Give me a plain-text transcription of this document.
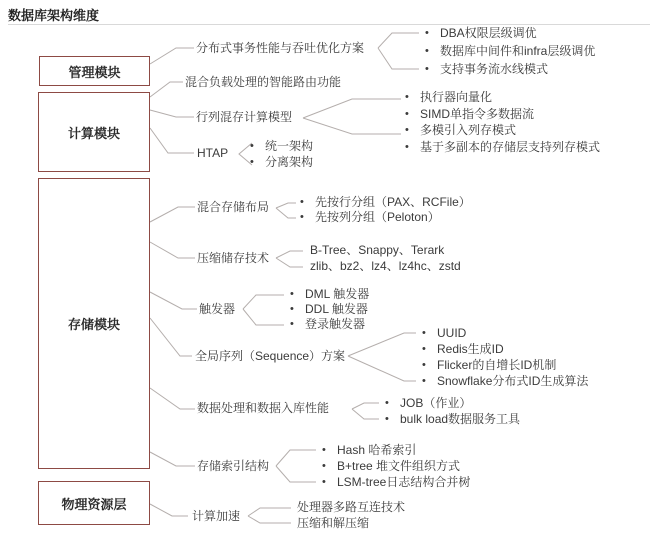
数据库架构维度
管理模块
计算模块
存储模块
物理资源层
分布式事务性能与吞吐优化方案
混合负载处理的智能路由功能
行列混存计算模型
HTAP
混合存储布局
压缩储存技术
触发器
全局序列（Sequence）方案
数据处理和数据入库性能
存储索引结构
计算加速
• DBA权限层级调优
• 数据库中间件和infra层级调优
• 支持事务流水线模式
• 执行器向量化
• SIMD单指令多数据流
• 多模引入列存模式
• 基于多副本的存储层支持列存模式
• 统一架构
• 分离架构
• 先按行分组（PAX、RCFile）
• 先按列分组（Peloton）
B-Tree、Snappy、Terark
zlib、bz2、lz4、lz4hc、zstd
• DML 触发器
• DDL 触发器
• 登录触发器
• UUID
• Redis生成ID
• Flicker的自增长ID机制
• Snowflake分布式ID生成算法
• JOB（作业）
• bulk load数据服务工具
• Hash 哈希索引
• B+tree 堆文件组织方式
• LSM-tree日志结构合并树
处理器多路互连技术
压缩和解压缩
